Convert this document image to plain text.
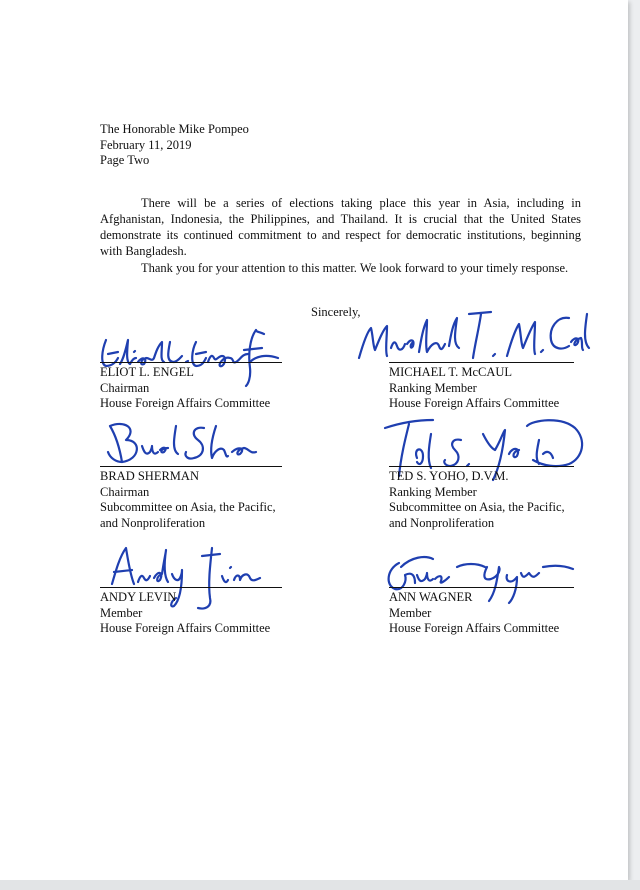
The Honorable Mike Pompeo
February 11, 2019
Page Two

There will be a series of elections taking place this year in Asia, including in Afghanistan, Indonesia, the Philippines, and Thailand. It is crucial that the United States demonstrate its continued commitment to and respect for democratic institutions, beginning with Bangladesh.

Thank you for your attention to this matter. We look forward to your timely response.

Sincerely,
ELIOT L. ENGEL
Chairman
House Foreign Affairs Committee
MICHAEL T. McCAUL
Ranking Member
House Foreign Affairs Committee
BRAD SHERMAN
Chairman
Subcommittee on Asia, the Pacific,
and Nonproliferation
TED S. YOHO, D.V.M.
Ranking Member
Subcommittee on Asia, the Pacific,
and Nonproliferation
ANDY LEVIN
Member
House Foreign Affairs Committee
ANN WAGNER
Member
House Foreign Affairs Committee
